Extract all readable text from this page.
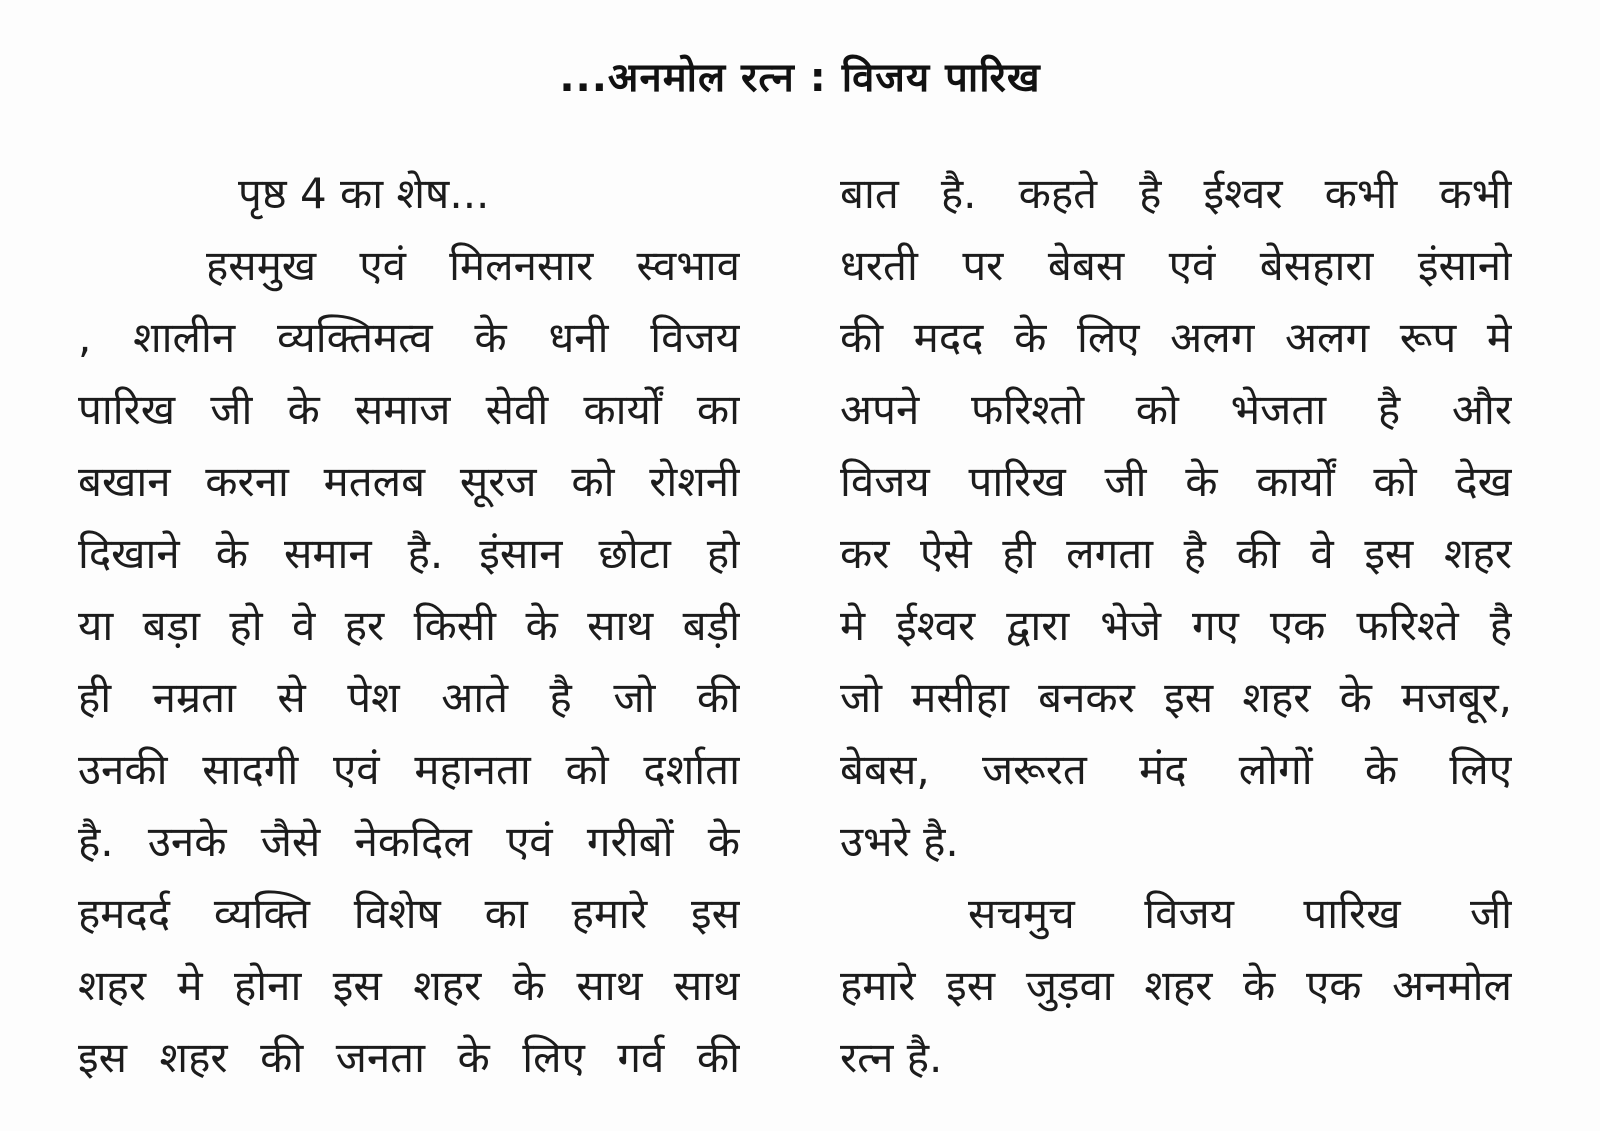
...अनमोल रत्न : विजय पारिख
पृष्ठ 4 का शेष...
हसमुख एवं मिलनसार स्वभाव
, शालीन व्यक्तिमत्व के धनी विजय
पारिख जी के समाज सेवी कार्यों का
बखान करना मतलब सूरज को रोशनी
दिखाने के समान है. इंसान छोटा हो
या बड़ा हो वे हर किसी के साथ बड़ी
ही नम्रता से पेश आते है जो की
उनकी सादगी एवं महानता को दर्शाता
है. उनके जैसे नेकदिल एवं गरीबों के
हमदर्द व्यक्ति विशेष का हमारे इस
शहर मे होना इस शहर के साथ साथ
इस शहर की जनता के लिए गर्व की
बात है. कहते है ईश्वर कभी कभी
धरती पर बेबस एवं बेसहारा इंसानो
की मदद के लिए अलग अलग रूप मे
अपने फरिश्तो को भेजता है और
विजय पारिख जी के कार्यों को देख
कर ऐसे ही लगता है की वे इस शहर
मे ईश्वर द्वारा भेजे गए एक फरिश्ते है
जो मसीहा बनकर इस शहर के मजबूर,
बेबस, जरूरत मंद लोगों के लिए
उभरे है.
सचमुच विजय पारिख जी
हमारे इस जुड़वा शहर के एक अनमोल
रत्न है.
